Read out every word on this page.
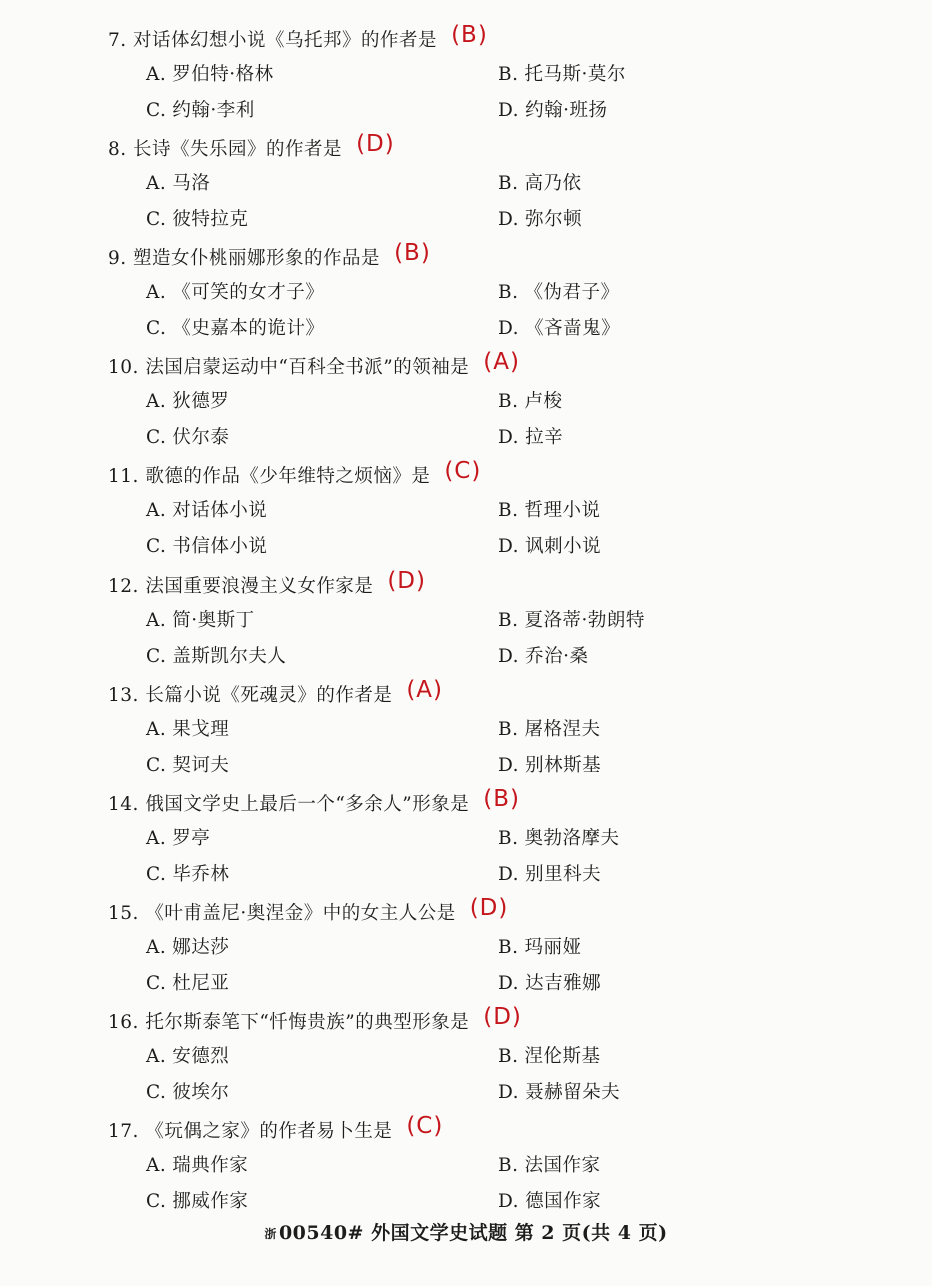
7. 对话体幻想小说《乌托邦》的作者是 (B)
A. 罗伯特·格林	B. 托马斯·莫尔
C. 约翰·李利	D. 约翰·班扬
8. 长诗《失乐园》的作者是 (D)
A. 马洛	B. 高乃依
C. 彼特拉克	D. 弥尔顿
9. 塑造女仆桃丽娜形象的作品是 (B)
A. 《可笑的女才子》	B. 《伪君子》
C. 《史嘉本的诡计》	D. 《吝啬鬼》
10. 法国启蒙运动中“百科全书派”的领袖是 (A)
A. 狄德罗	B. 卢梭
C. 伏尔泰	D. 拉辛
11. 歌德的作品《少年维特之烦恼》是 (C)
A. 对话体小说	B. 哲理小说
C. 书信体小说	D. 讽刺小说
12. 法国重要浪漫主义女作家是 (D)
A. 简·奥斯丁	B. 夏洛蒂·勃朗特
C. 盖斯凯尔夫人	D. 乔治·桑
13. 长篇小说《死魂灵》的作者是 (A)
A. 果戈理	B. 屠格涅夫
C. 契诃夫	D. 别林斯基
14. 俄国文学史上最后一个“多余人”形象是 (B)
A. 罗亭	B. 奥勃洛摩夫
C. 毕乔林	D. 别里科夫
15. 《叶甫盖尼·奥涅金》中的女主人公是 (D)
A. 娜达莎	B. 玛丽娅
C. 杜尼亚	D. 达吉雅娜
16. 托尔斯泰笔下“忏悔贵族”的典型形象是 (D)
A. 安德烈	B. 涅伦斯基
C. 彼埃尔	D. 聂赫留朵夫
17. 《玩偶之家》的作者易卜生是 (C)
A. 瑞典作家	B. 法国作家
C. 挪威作家	D. 德国作家
浙 00540# 外国文学史试题 第 2 页(共 4 页)
